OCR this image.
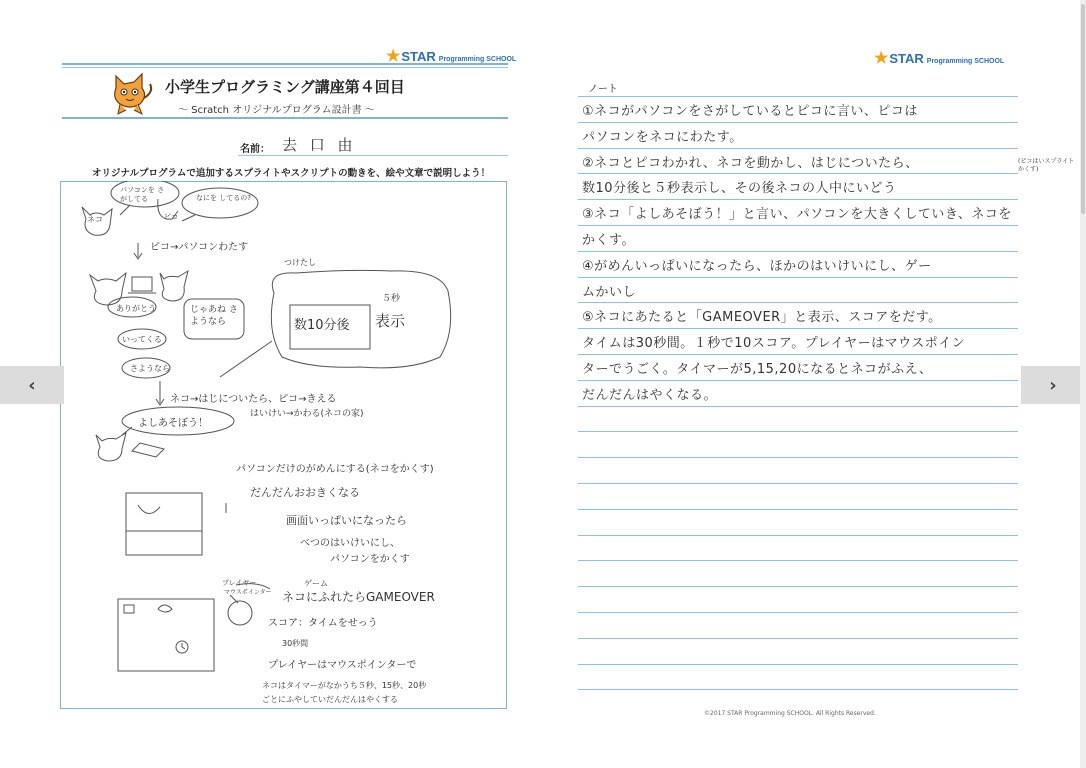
★STAR Programming SCHOOL
小学生プログラミング講座第４回目
～ Scratch オリジナルプログラム設計書 ～
名前： 去 口 由
オリジナルプログラムで追加するスプライトやスクリプトの動きを、絵や文章で説明しよう！
ネコ
パソコンを さがしてる
ピコ
なにを してるの?
ピコ→パソコンわたす
ありがとう	じゃあね さようなら
いってくる
さようなら
つけたし
５秒
数10分後 表示
ネコ→はじについたら、ピコ→きえる
はいけい→かわる(ネコの家)
よしあそぼう！
パソコンだけのがめんにする(ネコをかくす)
だんだんおおきくなる
画面いっぱいになったら
べつのはいけいにし、
パソコンをかくす
プレイヤー
マウスポインター
ゲーム
ネコにふれたらGAMEOVER
スコア：タイムをせっう
30秒間
プレイヤーはマウスポインターで
ネコはタイマーがなかうち５秒、15秒、20秒
ごとにふやしていだんだんはやくする
★STAR Programming SCHOOL
ノート
①ネコがパソコンをさがしているとピコに言い、ピコは
パソコンをネコにわたす。
②ネコとピコわかれ、ネコを動かし、はじについたら、
数10分後と５秒表示し、その後ネコの人中にいどう
③ネコ「よしあそぼう！」と言い、パソコンを大きくしていき、ネコを
かくす。
④がめんいっぱいになったら、ほかのはいけいにし、ゲー
ムかいし
⑤ネコにあたると「GAMEOVER」と表示、スコアをだす。
タイムは30秒間。１秒で10スコア。プレイヤーはマウスポイン
ターでうごく。タイマーが5,15,20になるとネコがふえ、
だんだんはやくなる。
(ピコはいスプライト かくす)
©2017 STAR Programming SCHOOL. All Rights Reserved.
‹	›
